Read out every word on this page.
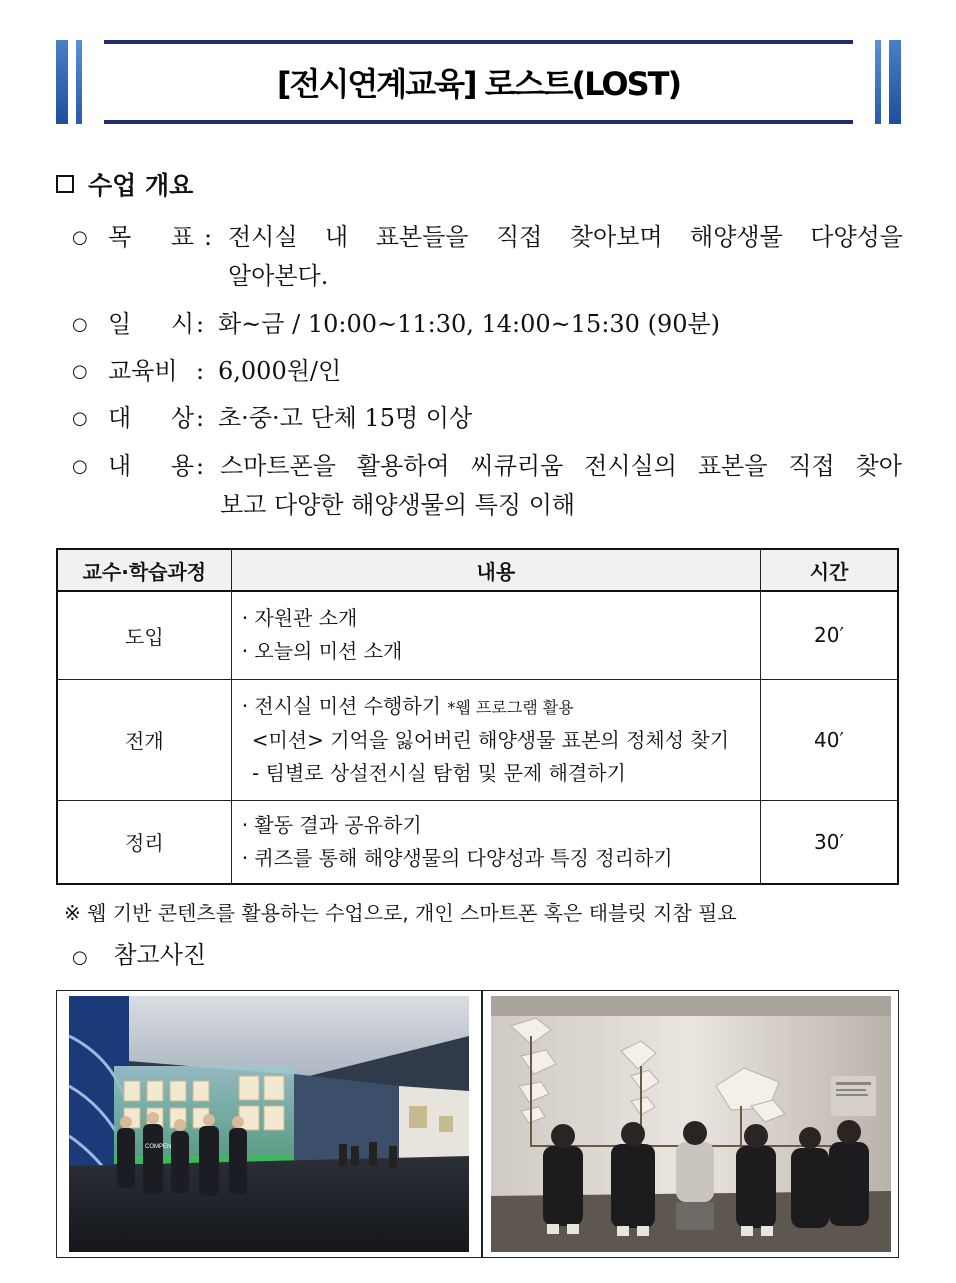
[전시연계교육] 로스트(LOST)
수업 개요
○ 목 표 : 전시실 내 표본들을 직접 찾아보며 해양생물 다양성을
알아본다.
○ 일 시 : 화~금 / 10:00~11:30, 14:00~15:30 (90분)
○ 교육비 : 6,000원/인
○ 대 상 : 초·중·고 단체 15명 이상
○ 내 용 : 스마트폰을 활용하여 씨큐리움 전시실의 표본을 직접 찾아
보고 다양한 해양생물의 특징 이해
교수·학습과정	내용	시간
도입	· 자원관 소개
· 오늘의 미션 소개	20′
전개	· 전시실 미션 수행하기 *웹 프로그램 활용
<미션> 기억을 잃어버린 해양생물 표본의 정체성 찾기
- 팀별로 상설전시실 탐험 및 문제 해결하기	40′
정리	· 활동 결과 공유하기
· 퀴즈를 통해 해양생물의 다양성과 특징 정리하기	30′
※ 웹 기반 콘텐츠를 활용하는 수업으로, 개인 스마트폰 혹은 태블릿 지참 필요
○ 참고사진
COMPEN
